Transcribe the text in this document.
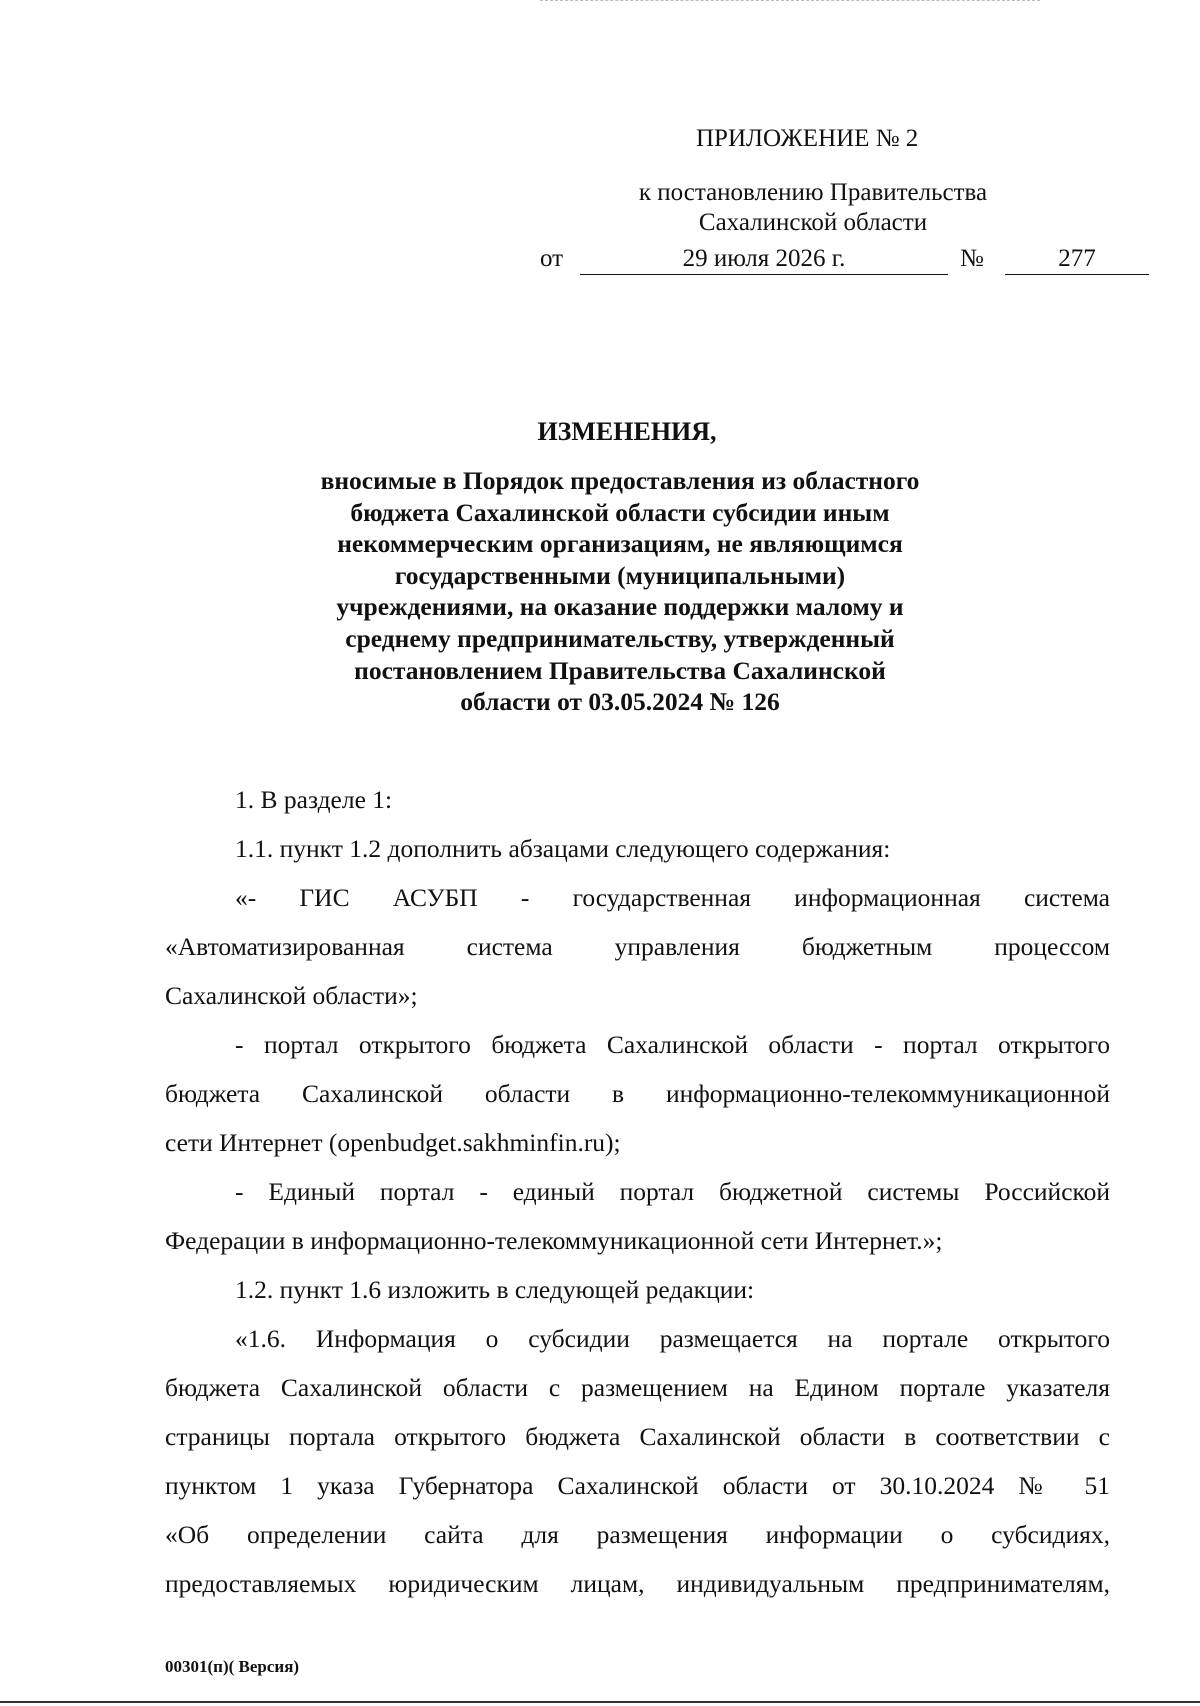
ПРИЛОЖЕНИЕ № 2
к постановлению Правительства
Сахалинской области
от	29 июля 2026 г.	№	277
ИЗМЕНЕНИЯ,
вносимые в Порядок предоставления из областного
бюджета Сахалинской области субсидии иным
некоммерческим организациям, не являющимся
государственными (муниципальными)
учреждениями, на оказание поддержки малому и
среднему предпринимательству, утвержденный
постановлением Правительства Сахалинской
области от 03.05.2024 № 126
1. В разделе 1:
1.1. пункт 1.2 дополнить абзацами следующего содержания:
«- ГИС АСУБП - государственная информационная система
«Автоматизированная система управления бюджетным процессом
Сахалинской области»;
- портал открытого бюджета Сахалинской области - портал открытого
бюджета Сахалинской области в информационно-телекоммуникационной
сети Интернет (openbudget.sakhminfin.ru);
- Единый портал - единый портал бюджетной системы Российской
Федерации в информационно-телекоммуникационной сети Интернет.»;
1.2. пункт 1.6 изложить в следующей редакции:
«1.6. Информация о субсидии размещается на портале открытого
бюджета Сахалинской области с размещением на Едином портале указателя
страницы портала открытого бюджета Сахалинской области в соответствии с
пунктом 1 указа Губернатора Сахалинской области от 30.10.2024 № 51
«Об определении сайта для размещения информации о субсидиях,
предоставляемых юридическим лицам, индивидуальным предпринимателям,
00301(п)( Версия)
